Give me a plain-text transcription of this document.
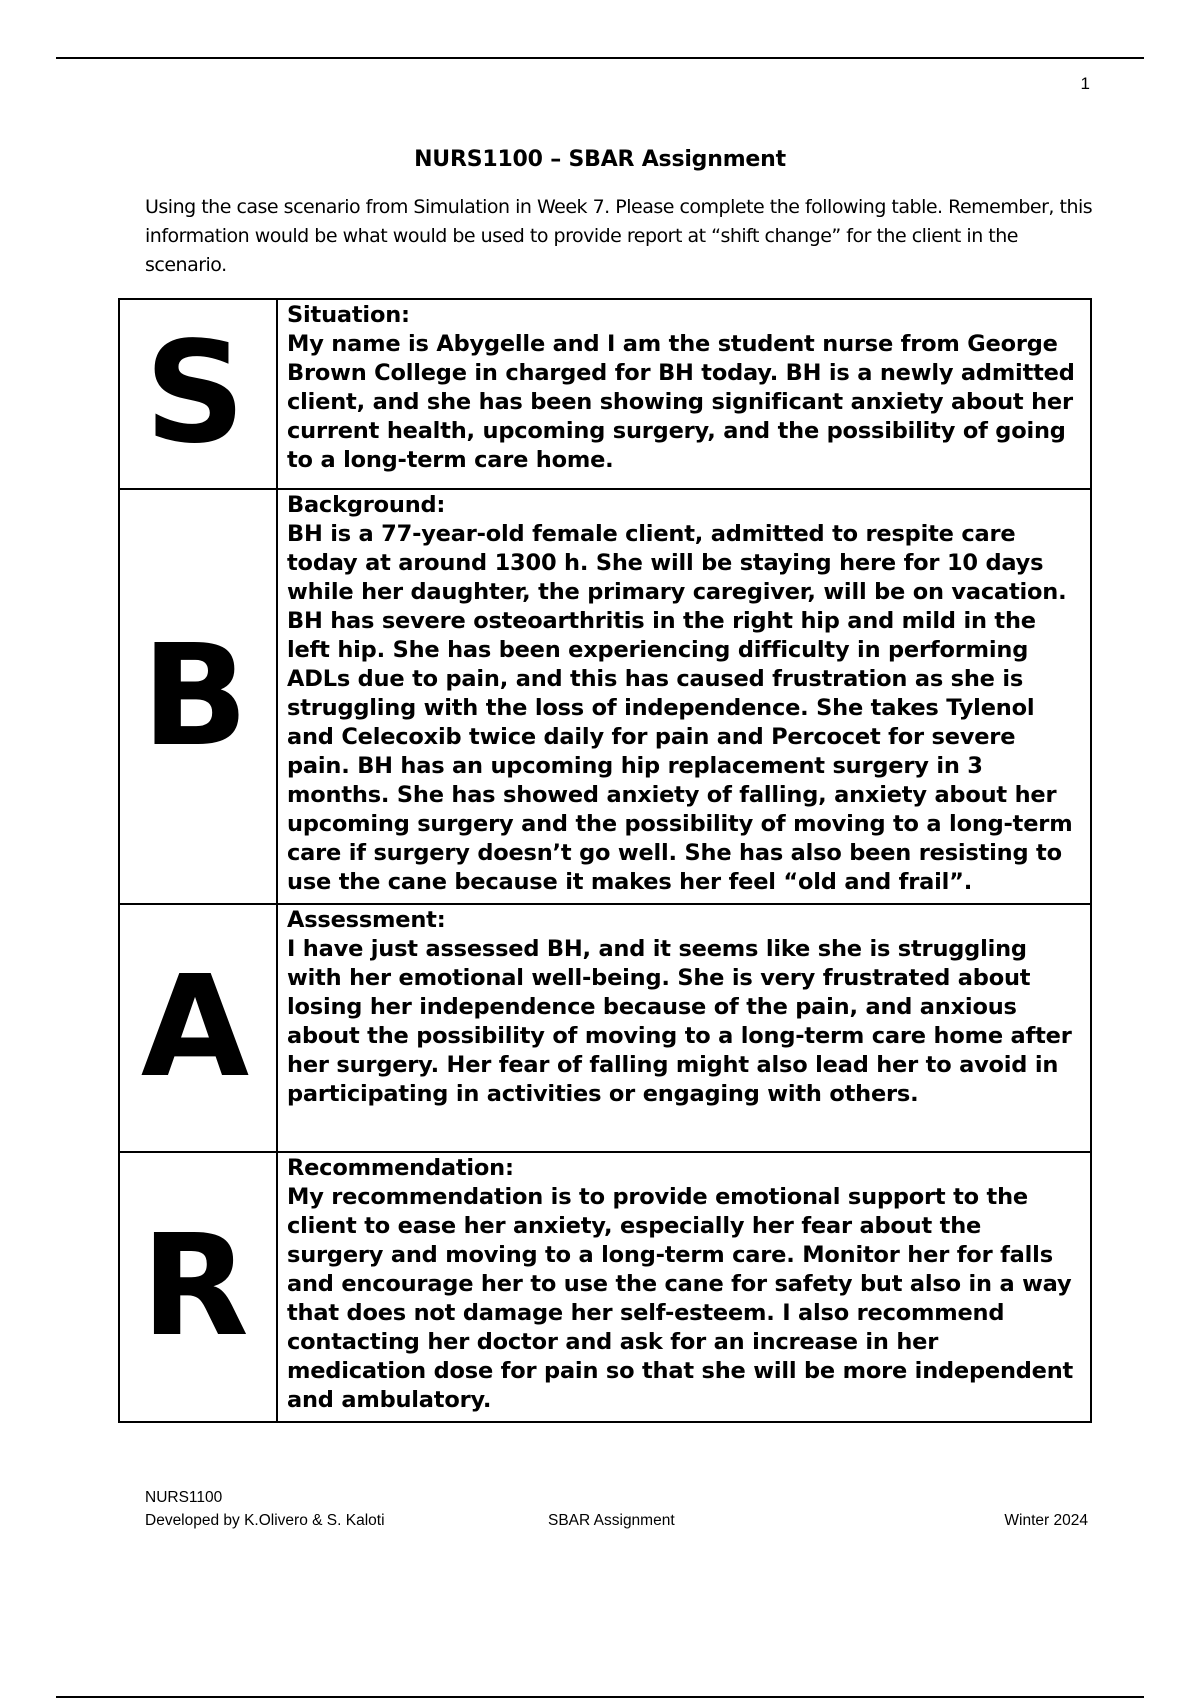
1
NURS1100 – SBAR Assignment

Using the case scenario from Simulation in Week 7. Please complete the following table. Remember, this information would be what would be used to provide report at “shift change” for the client in the scenario.

S	Situation:
My name is Abygelle and I am the student nurse from George Brown College in charged for BH today. BH is a newly admitted client, and she has been showing significant anxiety about her current health, upcoming surgery, and the possibility of going to a long-term care home.

B	Background:
BH is a 77-year-old female client, admitted to respite care today at around 1300 h. She will be staying here for 10 days while her daughter, the primary caregiver, will be on vacation. BH has severe osteoarthritis in the right hip and mild in the left hip. She has been experiencing difficulty in performing ADLs due to pain, and this has caused frustration as she is struggling with the loss of independence. She takes Tylenol and Celecoxib twice daily for pain and Percocet for severe pain. BH has an upcoming hip replacement surgery in 3 months. She has showed anxiety of falling, anxiety about her upcoming surgery and the possibility of moving to a long-term care if surgery doesn’t go well. She has also been resisting to use the cane because it makes her feel “old and frail”.

A	Assessment:
I have just assessed BH, and it seems like she is struggling with her emotional well-being. She is very frustrated about losing her independence because of the pain, and anxious about the possibility of moving to a long-term care home after her surgery. Her fear of falling might also lead her to avoid in participating in activities or engaging with others.

R	Recommendation:
My recommendation is to provide emotional support to the client to ease her anxiety, especially her fear about the surgery and moving to a long-term care. Monitor her for falls and encourage her to use the cane for safety but also in a way that does not damage her self-esteem. I also recommend contacting her doctor and ask for an increase in her medication dose for pain so that she will be more independent and ambulatory.
NURS1100
Developed by K.Olivero & S. Kaloti	SBAR Assignment	Winter 2024
